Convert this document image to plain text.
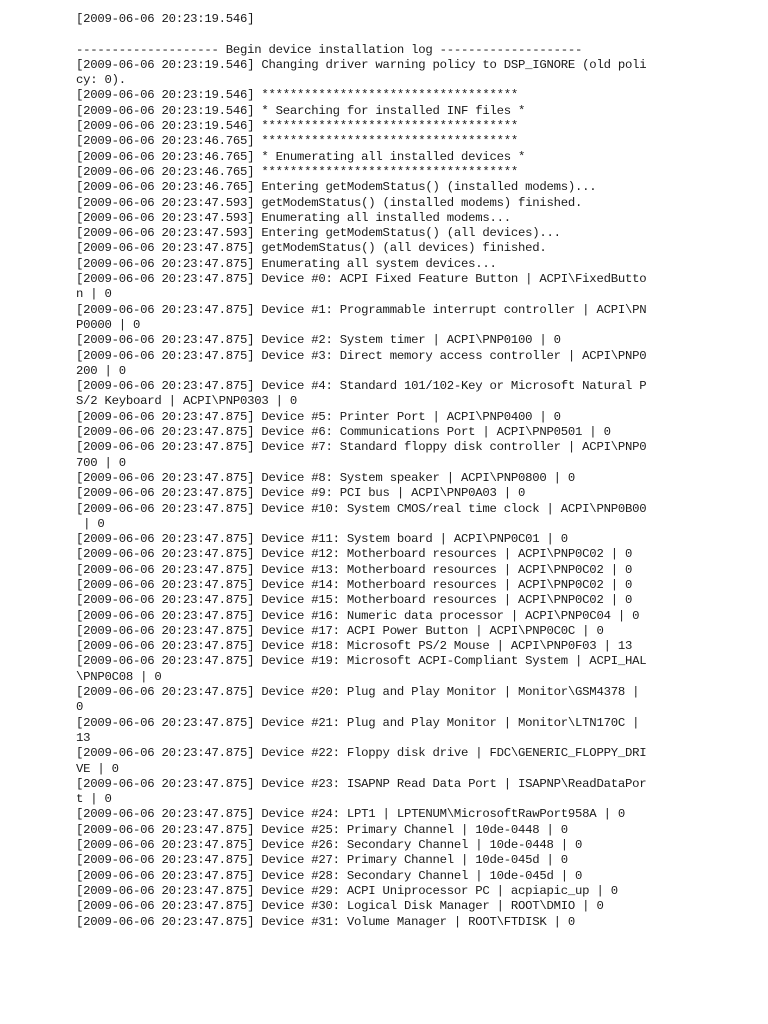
[2009-06-06 20:23:19.546]
-------------------- Begin device installation log --------------------
[2009-06-06 20:23:19.546] Changing driver warning policy to DSP_IGNORE (old poli
cy: 0).
[2009-06-06 20:23:19.546] ************************************
[2009-06-06 20:23:19.546] * Searching for installed INF files *
[2009-06-06 20:23:19.546] ************************************
[2009-06-06 20:23:46.765] ************************************
[2009-06-06 20:23:46.765] * Enumerating all installed devices *
[2009-06-06 20:23:46.765] ************************************
[2009-06-06 20:23:46.765] Entering getModemStatus() (installed modems)...
[2009-06-06 20:23:47.593] getModemStatus() (installed modems) finished.
[2009-06-06 20:23:47.593] Enumerating all installed modems...
[2009-06-06 20:23:47.593] Entering getModemStatus() (all devices)...
[2009-06-06 20:23:47.875] getModemStatus() (all devices) finished.
[2009-06-06 20:23:47.875] Enumerating all system devices...
[2009-06-06 20:23:47.875] Device #0: ACPI Fixed Feature Button | ACPI\FixedButto
n | 0
[2009-06-06 20:23:47.875] Device #1: Programmable interrupt controller | ACPI\PN
P0000 | 0
[2009-06-06 20:23:47.875] Device #2: System timer | ACPI\PNP0100 | 0
[2009-06-06 20:23:47.875] Device #3: Direct memory access controller | ACPI\PNP0
200 | 0
[2009-06-06 20:23:47.875] Device #4: Standard 101/102-Key or Microsoft Natural P
S/2 Keyboard | ACPI\PNP0303 | 0
[2009-06-06 20:23:47.875] Device #5: Printer Port | ACPI\PNP0400 | 0
[2009-06-06 20:23:47.875] Device #6: Communications Port | ACPI\PNP0501 | 0
[2009-06-06 20:23:47.875] Device #7: Standard floppy disk controller | ACPI\PNP0
700 | 0
[2009-06-06 20:23:47.875] Device #8: System speaker | ACPI\PNP0800 | 0
[2009-06-06 20:23:47.875] Device #9: PCI bus | ACPI\PNP0A03 | 0
[2009-06-06 20:23:47.875] Device #10: System CMOS/real time clock | ACPI\PNP0B00
| 0
[2009-06-06 20:23:47.875] Device #11: System board | ACPI\PNP0C01 | 0
[2009-06-06 20:23:47.875] Device #12: Motherboard resources | ACPI\PNP0C02 | 0
[2009-06-06 20:23:47.875] Device #13: Motherboard resources | ACPI\PNP0C02 | 0
[2009-06-06 20:23:47.875] Device #14: Motherboard resources | ACPI\PNP0C02 | 0
[2009-06-06 20:23:47.875] Device #15: Motherboard resources | ACPI\PNP0C02 | 0
[2009-06-06 20:23:47.875] Device #16: Numeric data processor | ACPI\PNP0C04 | 0
[2009-06-06 20:23:47.875] Device #17: ACPI Power Button | ACPI\PNP0C0C | 0
[2009-06-06 20:23:47.875] Device #18: Microsoft PS/2 Mouse | ACPI\PNP0F03 | 13
[2009-06-06 20:23:47.875] Device #19: Microsoft ACPI-Compliant System | ACPI_HAL
\PNP0C08 | 0
[2009-06-06 20:23:47.875] Device #20: Plug and Play Monitor | Monitor\GSM4378 |
0
[2009-06-06 20:23:47.875] Device #21: Plug and Play Monitor | Monitor\LTN170C |
13
[2009-06-06 20:23:47.875] Device #22: Floppy disk drive | FDC\GENERIC_FLOPPY_DRI
VE | 0
[2009-06-06 20:23:47.875] Device #23: ISAPNP Read Data Port | ISAPNP\ReadDataPor
t | 0
[2009-06-06 20:23:47.875] Device #24: LPT1 | LPTENUM\MicrosoftRawPort958A | 0
[2009-06-06 20:23:47.875] Device #25: Primary Channel | 10de-0448 | 0
[2009-06-06 20:23:47.875] Device #26: Secondary Channel | 10de-0448 | 0
[2009-06-06 20:23:47.875] Device #27: Primary Channel | 10de-045d | 0
[2009-06-06 20:23:47.875] Device #28: Secondary Channel | 10de-045d | 0
[2009-06-06 20:23:47.875] Device #29: ACPI Uniprocessor PC | acpiapic_up | 0
[2009-06-06 20:23:47.875] Device #30: Logical Disk Manager | ROOT\DMIO | 0
[2009-06-06 20:23:47.875] Device #31: Volume Manager | ROOT\FTDISK | 0
